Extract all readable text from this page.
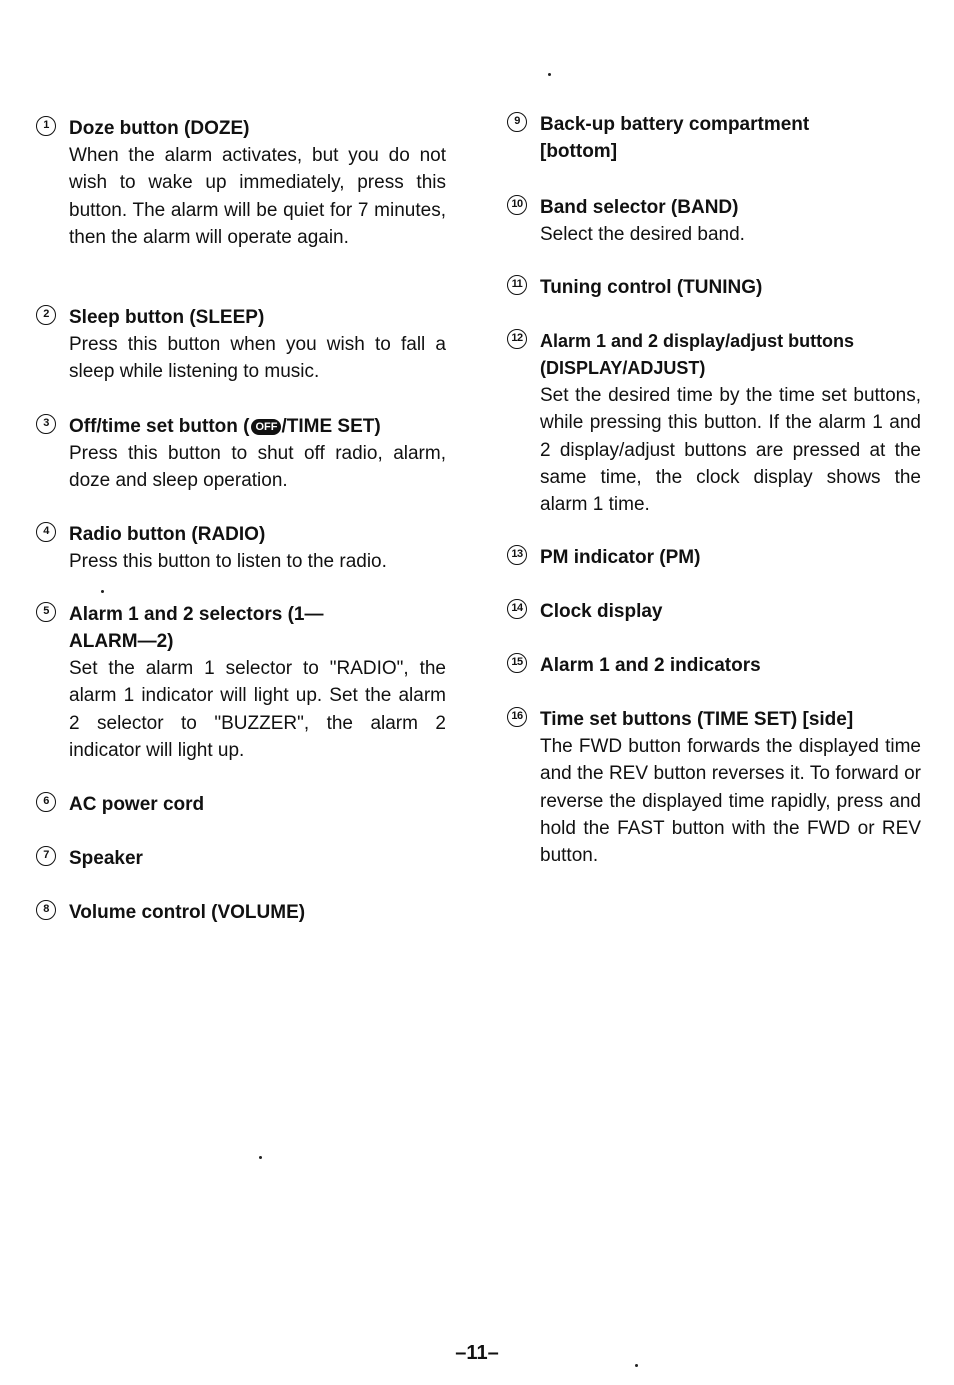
1	Doze button (DOZE)

When the alarm activates, but you do not wish to wake up immediately, press this button. The alarm will be quiet for 7 minutes, then the alarm will operate again.

2	Sleep button (SLEEP)

Press this button when you wish to fall a sleep while listening to music.

3	Off/time set button ( OFF /TIME SET)

Press this button to shut off radio, alarm, doze and sleep operation.

4	Radio button (RADIO)

Press this button to listen to the radio.

5	Alarm 1 and 2 selectors (1—ALARM—2)

Set the alarm 1 selector to "RADIO", the alarm 1 indicator will light up. Set the alarm 2 selector to "BUZZER", the alarm 2 indicator will light up.

6	AC power cord

7	Speaker

8	Volume control (VOLUME)

9	Back-up battery compartment [bottom]

10 Band selector (BAND)

Select the desired band.

11 Tuning control (TUNING)

12 Alarm 1 and 2 display/adjust buttons (DISPLAY/ADJUST)

Set the desired time by the time set buttons, while pressing this button. If the alarm 1 and 2 display/adjust buttons are pressed at the same time, the clock display shows the alarm 1 time.

13 PM indicator (PM)

14 Clock display

15 Alarm 1 and 2 indicators

16 Time set buttons (TIME SET) [side]

The FWD button forwards the displayed time and the REV button reverses it. To forward or reverse the displayed time rapidly, press and hold the FAST button with the FWD or REV button.

–11–
